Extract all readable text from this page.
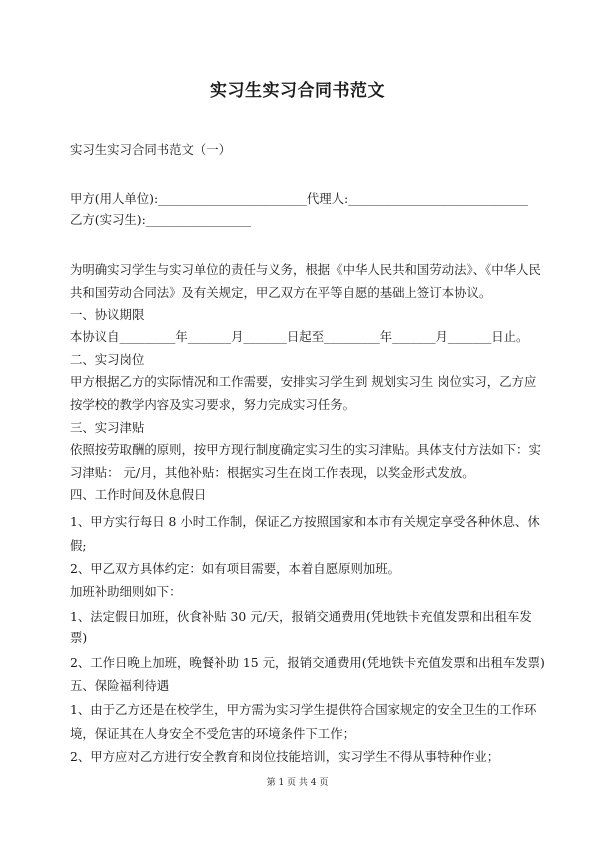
实习生实习合同书范文
实习生实习合同书范文（一）
甲方(用人单位):________________________代理人:_____________________________
乙方(实习生):_________________
为明确实习学生与实习单位的责任与义务，根据《中华人民共和国劳动法》、《中华人民
共和国劳动合同法》及有关规定，甲乙双方在平等自愿的基础上签订本协议。
一、协议期限
本协议自_________年_______月_______日起至_________年_______月_______日止。
二、实习岗位
甲方根据乙方的实际情况和工作需要，安排实习学生到 规划实习生 岗位实习，乙方应
按学校的教学内容及实习要求，努力完成实习任务。
三、实习津贴
依照按劳取酬的原则，按甲方现行制度确定实习生的实习津贴。具体支付方法如下：实
习津贴： 元/月，其他补贴：根据实习生在岗工作表现，以奖金形式发放。
四、工作时间及休息假日
1、甲方实行每日 8 小时工作制，保证乙方按照国家和本市有关规定享受各种休息、休
假;
2、甲乙双方具体约定：如有项目需要，本着自愿原则加班。
加班补助细则如下：
1、法定假日加班，伙食补贴 30 元/天，报销交通费用(凭地铁卡充值发票和出租车发
票)
2、工作日晚上加班，晚餐补助 15 元，报销交通费用(凭地铁卡充值发票和出租车发票)
五、保险福利待遇
1、由于乙方还是在校学生，甲方需为实习学生提供符合国家规定的安全卫生的工作环
境，保证其在人身安全不受危害的环境条件下工作；
2、甲方应对乙方进行安全教育和岗位技能培训，实习学生不得从事特种作业；
第 1 页 共 4 页
